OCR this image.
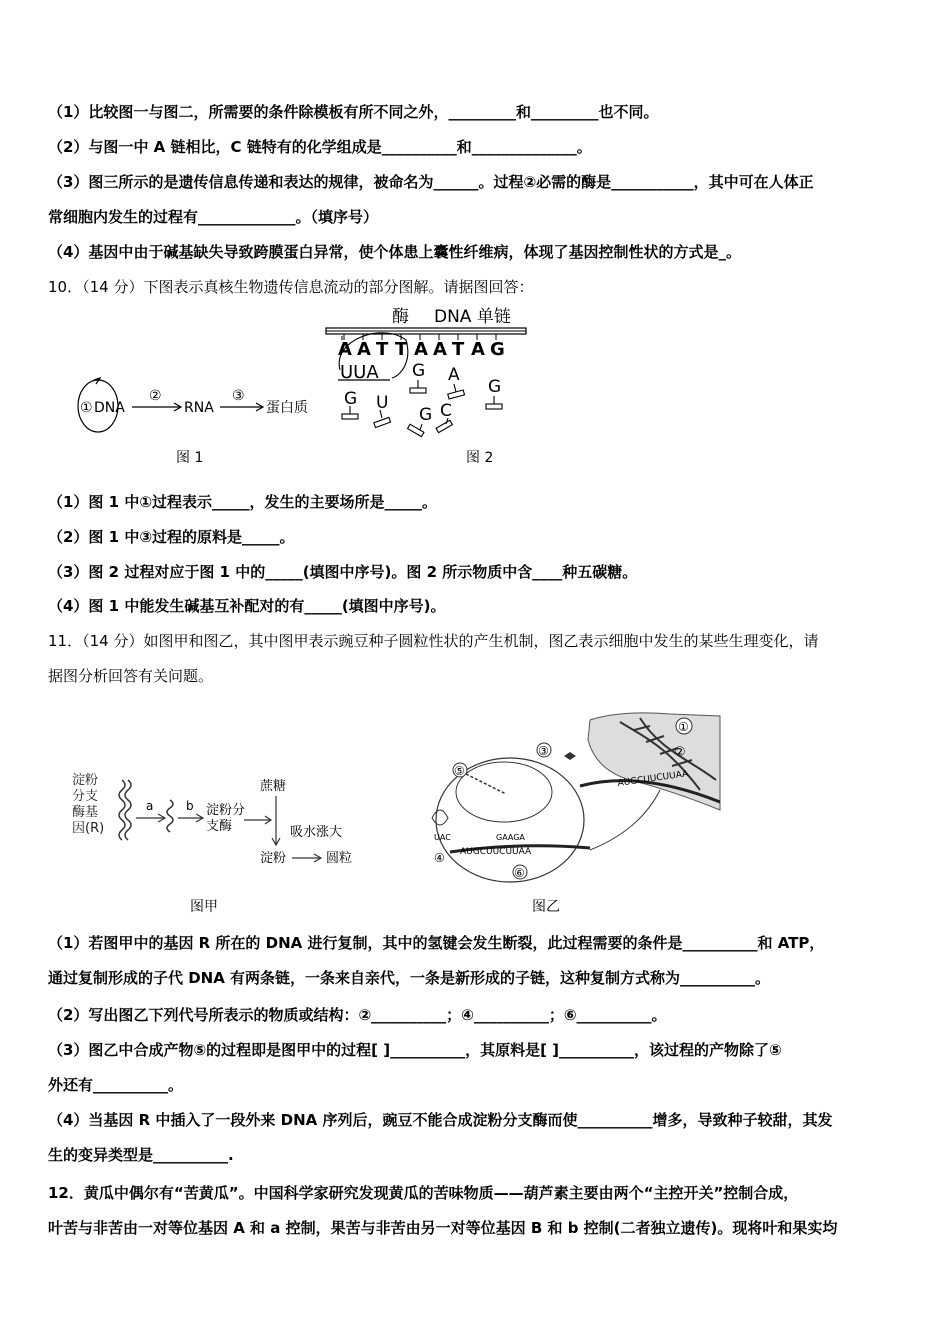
（1）比较图一与图二，所需要的条件除模板有所不同之外，_________和_________也不同。
（2）与图一中 A 链相比，C 链特有的化学组成是__________和______________。
（3）图三所示的是遗传信息传递和表达的规律，被命名为______。过程②必需的酶是___________，其中可在人体正
常细胞内发生的过程有_____________。（填序号）
（4）基因中由于碱基缺失导致跨膜蛋白异常，使个体患上囊性纤维病，体现了基因控制性状的方式是_。
10．（14 分）下图表示真核生物遗传信息流动的部分图解。请据图回答：
① DNA
②
RNA
③
蛋白质
图 1
酶 DNA 单链
A A T T A A T A G
UUA
G U
G A
G C
G
图 2
（1）图 1 中①过程表示_____，发生的主要场所是_____。
（2）图 1 中③过程的原料是_____。
（3）图 2 过程对应于图 1 中的_____(填图中序号)。图 2 所示物质中含____种五碳糖。
（4）图 1 中能发生碱基互补配对的有_____(填图中序号)。
11．（14 分）如图甲和图乙，其中图甲表示豌豆种子圆粒性状的产生机制，图乙表示细胞中发生的某些生理变化，请
据图分析回答有关问题。
淀粉
分支
酶基
因(R)
a	b 淀粉分
支酶
蔗糖
吸水涨大
淀粉	圆粒
图甲
①
②
AUGCUUCUUAA
③
⑤
UAC	GAAGA
AUGCUUCUUAA
④
⑥
图乙
（1）若图甲中的基因 R 所在的 DNA 进行复制，其中的氢键会发生断裂，此过程需要的条件是__________和 ATP，
通过复制形成的子代 DNA 有两条链，一条来自亲代，一条是新形成的子链，这种复制方式称为__________。
（2）写出图乙下列代号所表示的物质或结构：②__________；④__________；⑥__________。
（3）图乙中合成产物⑤的过程即是图甲中的过程[ ]__________，其原料是[ ]__________，该过程的产物除了⑤
外还有__________。
（4）当基因 R 中插入了一段外来 DNA 序列后，豌豆不能合成淀粉分支酶而使__________增多，导致种子较甜，其发
生的变异类型是__________.
12．黄瓜中偶尔有“苦黄瓜”。中国科学家研究发现黄瓜的苦味物质——葫芦素主要由两个“主控开关”控制合成，
叶苦与非苦由一对等位基因 A 和 a 控制，果苦与非苦由另一对等位基因 B 和 b 控制(二者独立遗传)。现将叶和果实均
